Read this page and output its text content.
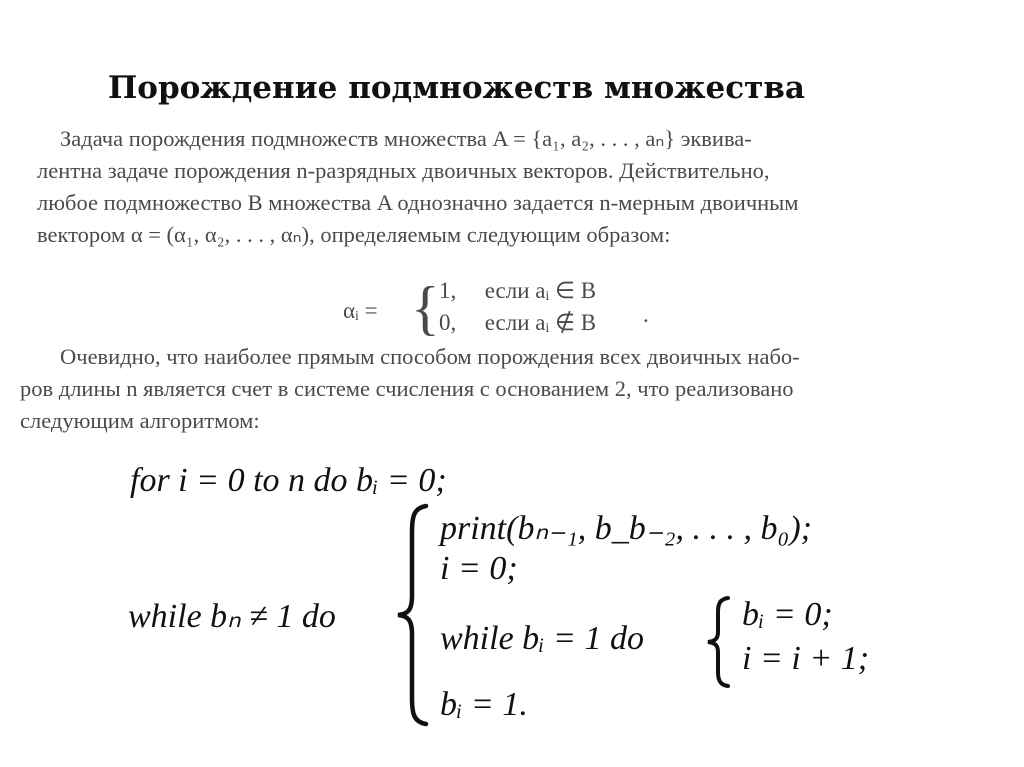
Порождение подмножеств множества
Задача порождения подмножеств множества A = {a₁, a₂, . . . , aₙ} эквива-
лентна задаче порождения n-разрядных двоичных векторов. Действительно,
любое подмножество B множества A однозначно задается n-мерным двоичным
вектором α = (α₁, α₂, . . . , αₙ), определяемым следующим образом:
αᵢ = { 1, если aᵢ ∈ B
0, если aᵢ ∉ B .
Очевидно, что наиболее прямым способом порождения всех двоичных набо-
ров длины n является счет в системе счисления с основанием 2, что реализовано
следующим алгоритмом:
for i = 0 to n do bᵢ = 0;
while bₙ ≠ 1 do
print(bₙ₋₁, b_b₋₂, . . . , b₀);
i = 0;
while bᵢ = 1 do
bᵢ = 0;
i = i + 1;
bᵢ = 1.
